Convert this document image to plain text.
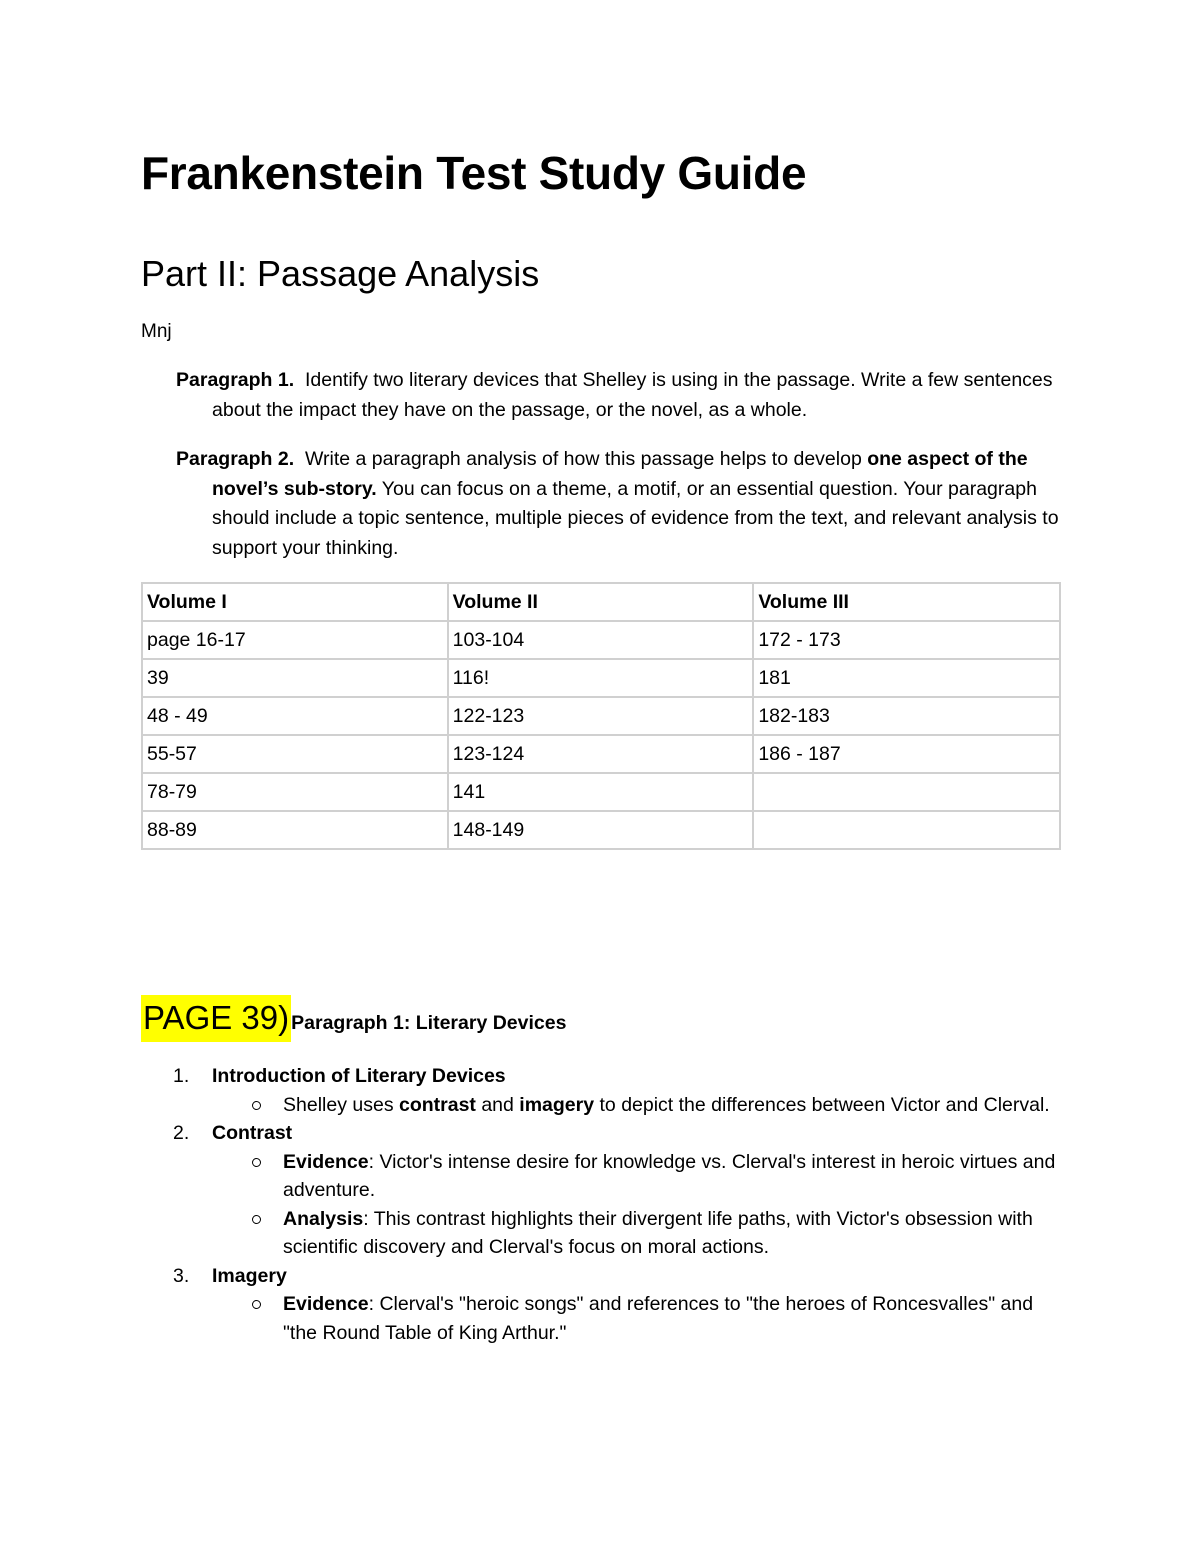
Frankenstein Test Study Guide
Part II: Passage Analysis

Mnj

Paragraph 1. Identify two literary devices that Shelley is using in the passage. Write a few sentences about the impact they have on the passage, or the novel, as a whole.

Paragraph 2. Write a paragraph analysis of how this passage helps to develop one aspect of the novel’s sub-story. You can focus on a theme, a motif, or an essential question. Your paragraph should include a topic sentence, multiple pieces of evidence from the text, and relevant analysis to support your thinking.

Volume I	Volume II	Volume III
page 16-17	103-104	172 - 173
39	116!	181
48 - 49	122-123	182-183
55-57	123-124	186 - 187
78-79	141	
88-89	148-149	
PAGE 39) Paragraph 1: Literary Devices
1. Introduction of Literary Devices
Shelley uses contrast and imagery to depict the differences between Victor and Clerval.
2. Contrast
Evidence: Victor's intense desire for knowledge vs. Clerval's interest in heroic virtues and adventure.
Analysis: This contrast highlights their divergent life paths, with Victor's obsession with scientific discovery and Clerval's focus on moral actions.
3. Imagery
Evidence: Clerval's "heroic songs" and references to "the heroes of Roncesvalles" and "the Round Table of King Arthur."
